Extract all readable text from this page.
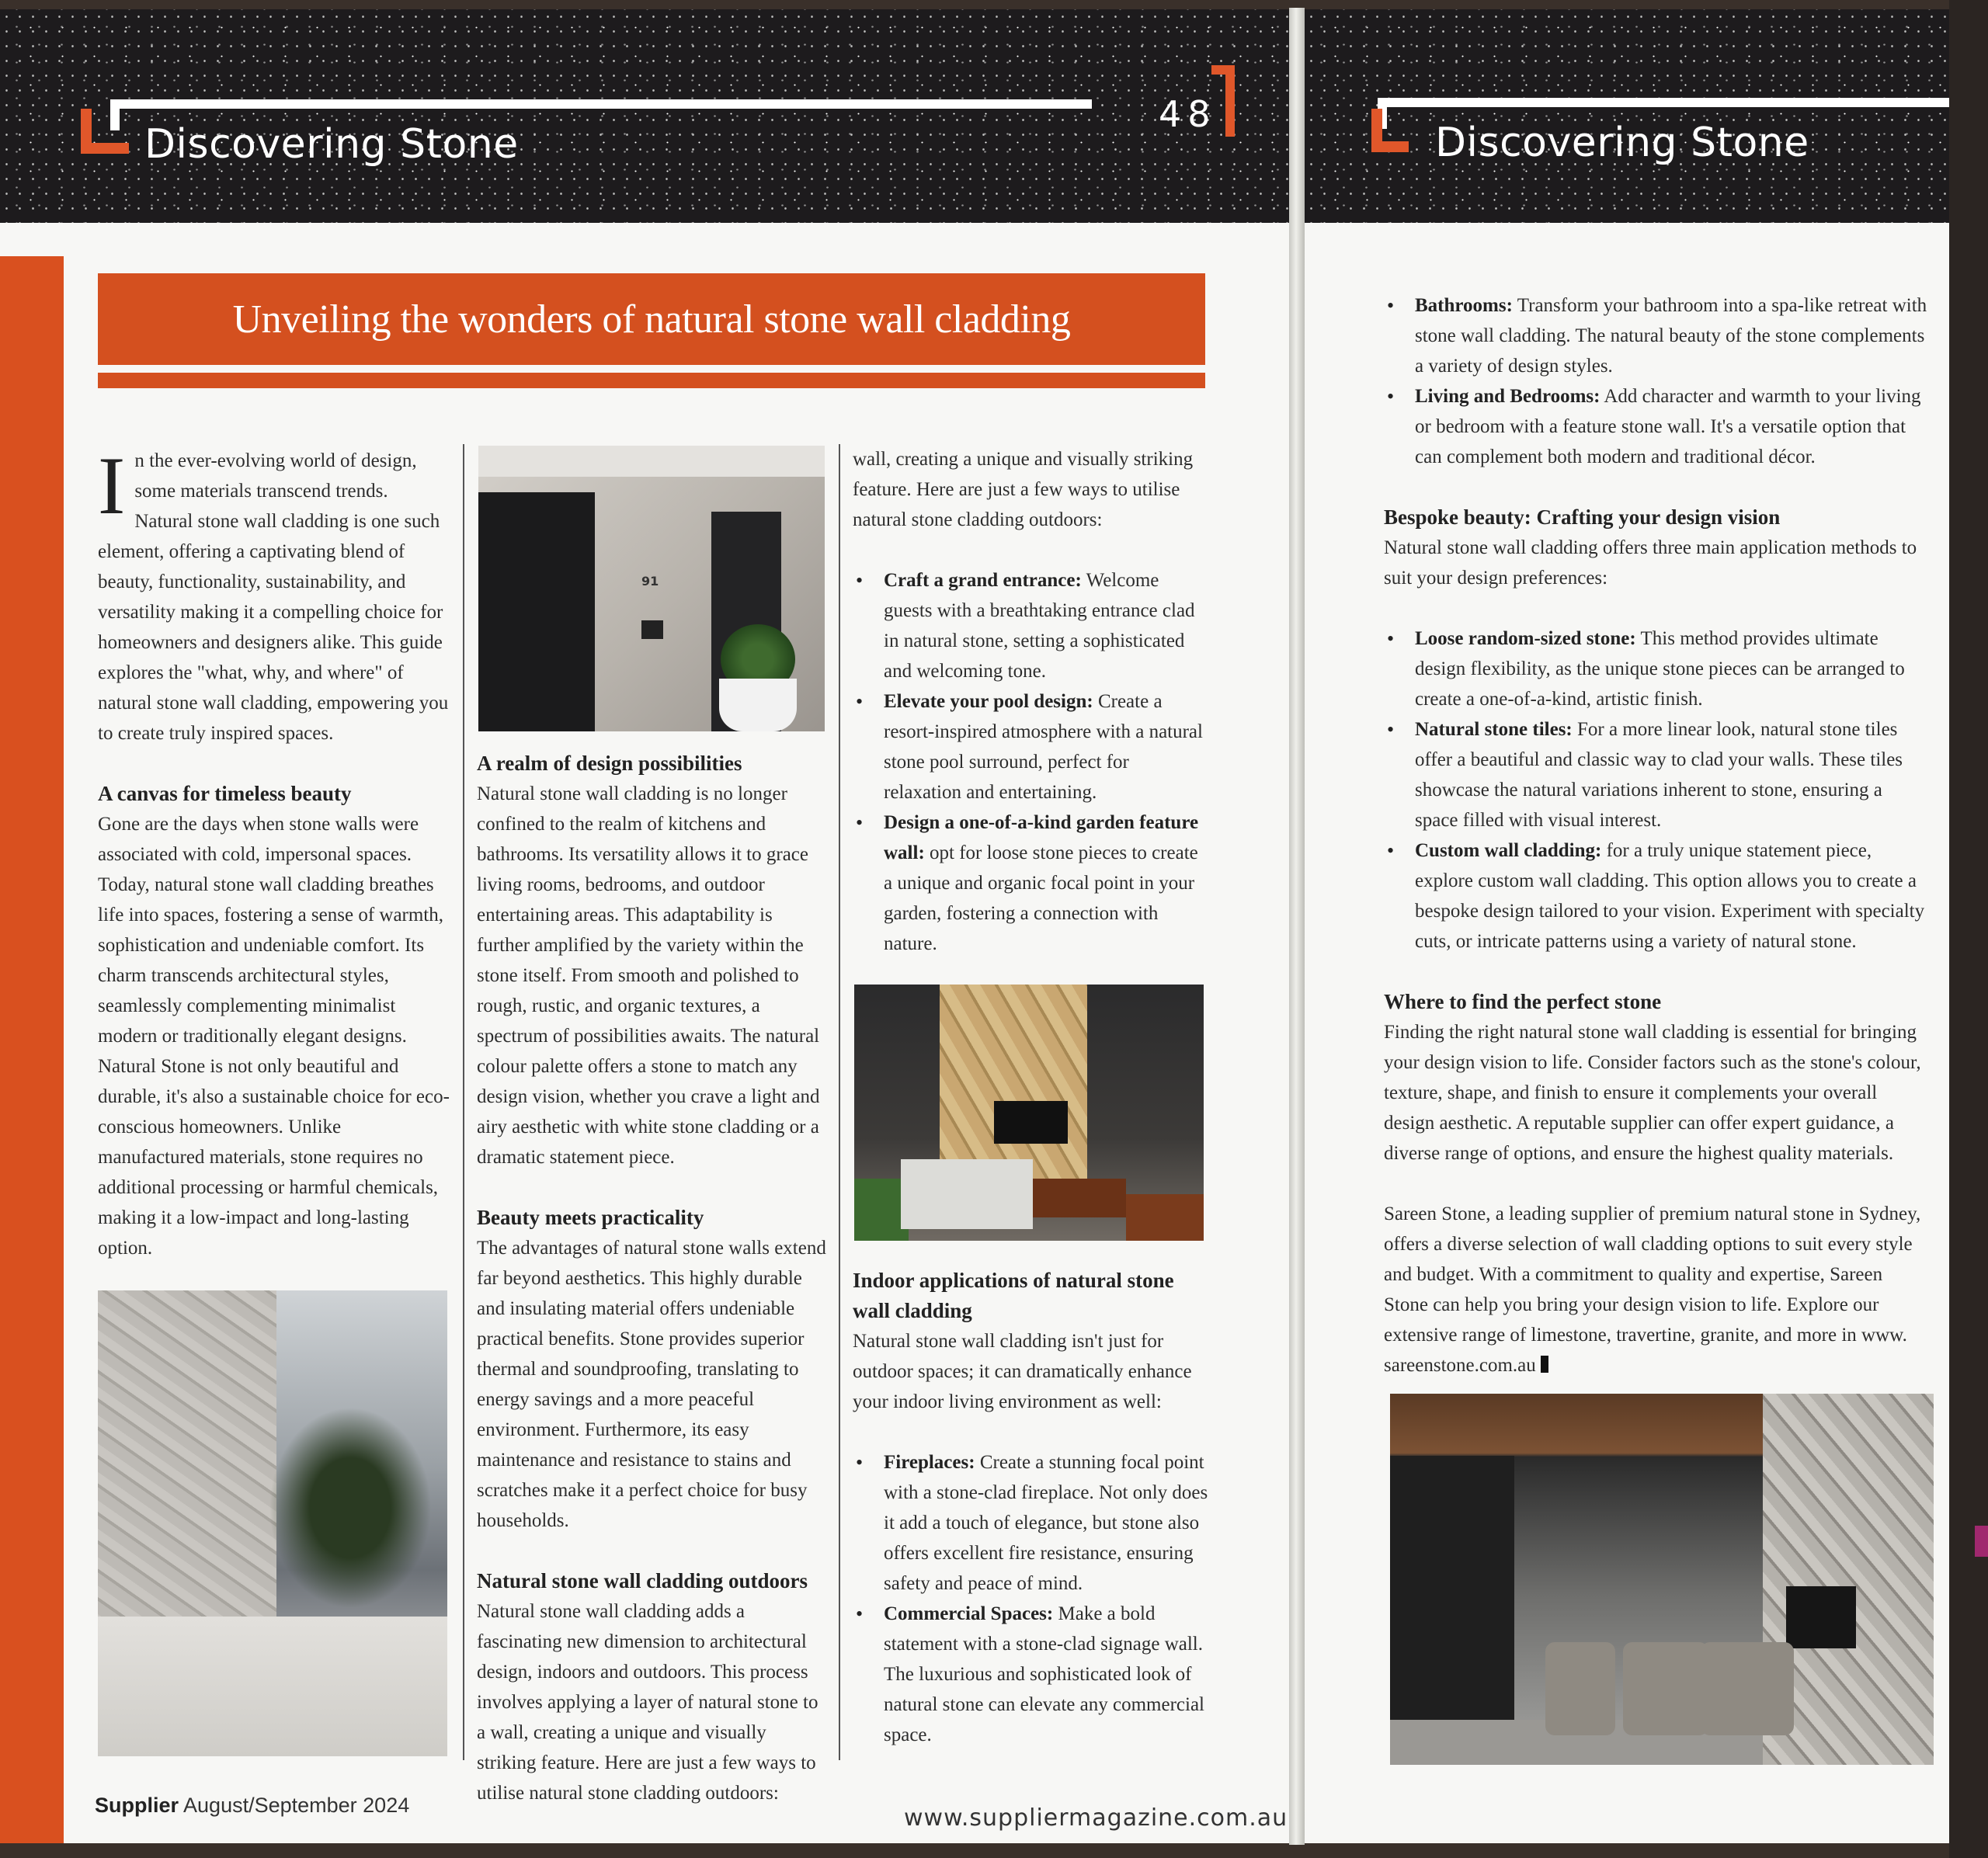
Discovering Stone
48
Unveiling the wonders of natural stone wall cladding

In the ever-evolving world of design, some materials transcend trends. Natural stone wall cladding is one such element, offering a captivating blend of beauty, functionality, sustainability, and versatility making it a compelling choice for homeowners and designers alike. This guide explores the "what, why, and where" of natural stone wall cladding, empowering you to create truly inspired spaces.

A canvas for timeless beauty

Gone are the days when stone walls were associated with cold, impersonal spaces. Today, natural stone wall cladding breathes life into spaces, fostering a sense of warmth, sophistication and undeniable comfort. Its charm transcends architectural styles, seamlessly complementing minimalist modern or traditionally elegant designs. Natural Stone is not only beautiful and durable, it's also a sustainable choice for eco-conscious homeowners. Unlike manufactured materials, stone requires no additional processing or harmful chemicals, making it a low-impact and long-lasting option.

91
A realm of design possibilities

Natural stone wall cladding is no longer confined to the realm of kitchens and bathrooms. Its versatility allows it to grace living rooms, bedrooms, and outdoor entertaining areas. This adaptability is further amplified by the variety within the stone itself. From smooth and polished to rough, rustic, and organic textures, a spectrum of possibilities awaits. The natural colour palette offers a stone to match any design vision, whether you crave a light and airy aesthetic with white stone cladding or a dramatic statement piece.

Beauty meets practicality

The advantages of natural stone walls extend far beyond aesthetics. This highly durable and insulating material offers undeniable practical benefits. Stone provides superior thermal and soundproofing, translating to energy savings and a more peaceful environment. Furthermore, its easy maintenance and resistance to stains and scratches make it a perfect choice for busy households.

Natural stone wall cladding outdoors

Natural stone wall cladding adds a fascinating new dimension to architectural design, indoors and outdoors. This process involves applying a layer of natural stone to a wall, creating a unique and visually striking feature. Here are just a few ways to utilise natural stone cladding outdoors:

wall, creating a unique and visually striking feature. Here are just a few ways to utilise natural stone cladding outdoors:

• Craft a grand entrance: Welcome guests with a breathtaking entrance clad in natural stone, setting a sophisticated and welcoming tone.
• Elevate your pool design: Create a resort-inspired atmosphere with a natural stone pool surround, perfect for relaxation and entertaining.
• Design a one-of-a-kind garden feature wall: opt for loose stone pieces to create a unique and organic focal point in your garden, fostering a connection with nature.
Indoor applications of natural stone wall cladding

Natural stone wall cladding isn't just for outdoor spaces; it can dramatically enhance your indoor living environment as well:

• Fireplaces: Create a stunning focal point with a stone-clad fireplace. Not only does it add a touch of elegance, but stone also offers excellent fire resistance, ensuring safety and peace of mind.
• Commercial Spaces: Make a bold statement with a stone-clad signage wall. The luxurious and sophisticated look of natural stone can elevate any commercial space.
Supplier August/September 2024	www.suppliermagazine.com.au
Discovering Stone
• Bathrooms: Transform your bathroom into a spa-like retreat with stone wall cladding. The natural beauty of the stone complements a variety of design styles.
• Living and Bedrooms: Add character and warmth to your living or bedroom with a feature stone wall. It's a versatile option that can complement both modern and traditional décor.
Bespoke beauty: Crafting your design vision

Natural stone wall cladding offers three main application methods to suit your design preferences:

• Loose random-sized stone: This method provides ultimate design flexibility, as the unique stone pieces can be arranged to create a one-of-a-kind, artistic finish.
• Natural stone tiles: For a more linear look, natural stone tiles offer a beautiful and classic way to clad your walls. These tiles showcase the natural variations inherent to stone, ensuring a space filled with visual interest.
• Custom wall cladding: for a truly unique statement piece, explore custom wall cladding. This option allows you to create a bespoke design tailored to your vision. Experiment with specialty cuts, or intricate patterns using a variety of natural stone.
Where to find the perfect stone

Finding the right natural stone wall cladding is essential for bringing your design vision to life. Consider factors such as the stone's colour, texture, shape, and finish to ensure it complements your overall design aesthetic. A reputable supplier can offer expert guidance, a diverse range of options, and ensure the highest quality materials.

Sareen Stone, a leading supplier of premium natural stone in Sydney, offers a diverse selection of wall cladding options to suit every style and budget. With a commitment to quality and expertise, Sareen Stone can help you bring your design vision to life. Explore our extensive range of limestone, travertine, granite, and more in www. sareenstone.com.au
